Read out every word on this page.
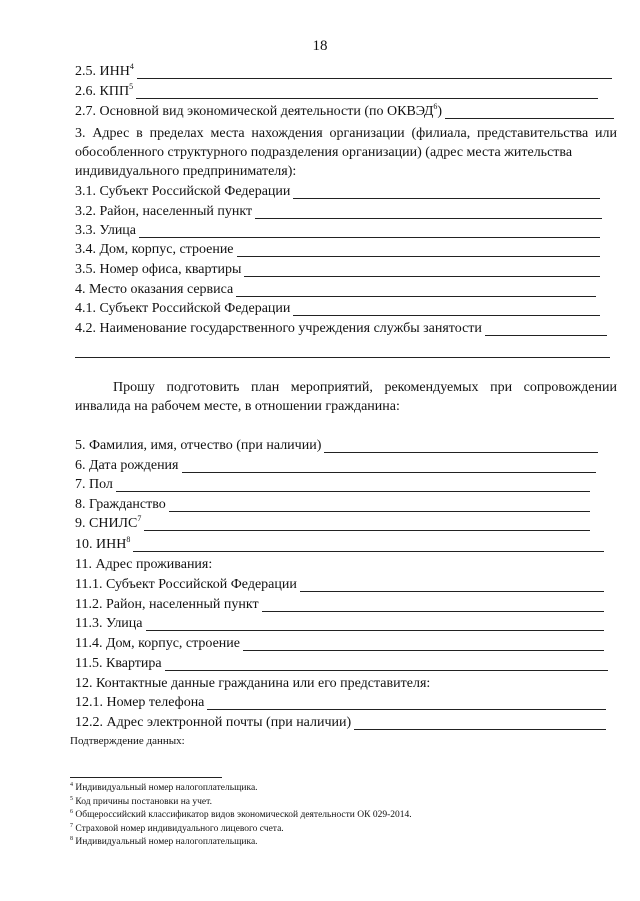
18
2.5. ИНН$^4$
2.6. КПП$^5$
2.7. Основной вид экономической деятельности (по ОКВЭД$^6$)
3. Адрес в пределах места нахождения организации (филиала, представительства или обособленного структурного подразделения организации) (адрес места жительства
индивидуального предпринимателя):
3.1. Субъект Российской Федерации
3.2. Район, населенный пункт
3.3. Улица
3.4. Дом, корпус, строение
3.5. Номер офиса, квартиры
4. Место оказания сервиса
4.1. Субъект Российской Федерации
4.2. Наименование государственного учреждения службы занятости
Прошу подготовить план мероприятий, рекомендуемых при сопровождении инвалида на рабочем месте, в отношении гражданина:
5. Фамилия, имя, отчество (при наличии)
6. Дата рождения
7. Пол
8. Гражданство
9. СНИЛС$^7$
10. ИНН$^8$
11. Адрес проживания:
11.1. Субъект Российской Федерации
11.2. Район, населенный пункт
11.3. Улица
11.4. Дом, корпус, строение
11.5. Квартира
12. Контактные данные гражданина или его представителя:
12.1. Номер телефона
12.2. Адрес электронной почты (при наличии)
Подтверждение данных:
$^4$ Индивидуальный номер налогоплательщика.
$^5$ Код причины постановки на учет.
$^6$ Общероссийский классификатор видов экономической деятельности ОК 029-2014.
$^7$ Страховой номер индивидуального лицевого счета.
$^8$ Индивидуальный номер налогоплательщика.
